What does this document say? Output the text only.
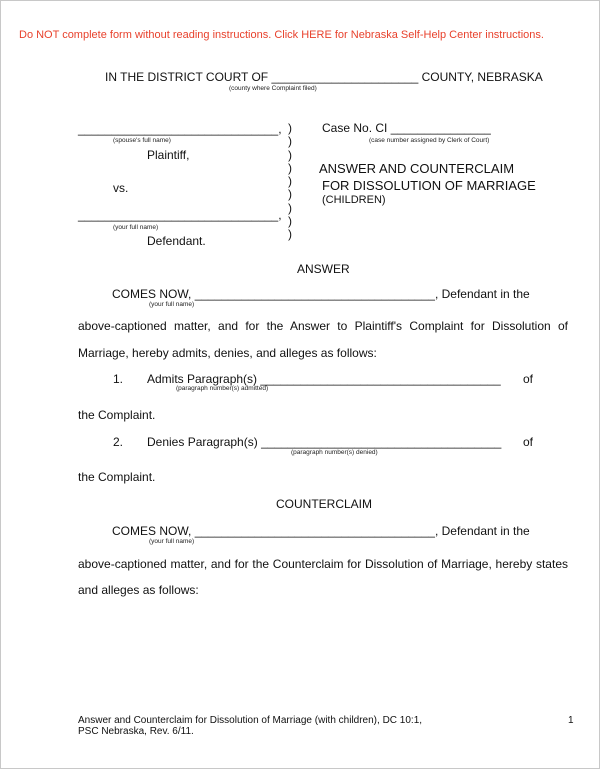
Do NOT complete form without reading instructions. Click HERE for Nebraska Self-Help Center instructions.
IN THE DISTRICT COURT OF ______________________ COUNTY, NEBRASKA
(county where Complaint filed)
______________________________,
(spouse's full name)
Plaintiff,
vs.
______________________________,
(your full name)
Defendant.
)
)
)
)
)
)
)
)
)
Case No. CI _______________
(case number assigned by Clerk of Court)
ANSWER AND COUNTERCLAIM
FOR DISSOLUTION OF MARRIAGE
(CHILDREN)
ANSWER
COMES NOW, ____________________________________, Defendant in the
(your full name)
above-captioned matter, and for the Answer to Plaintiff's Complaint for Dissolution of
Marriage, hereby admits, denies, and alleges as follows:
1. Admits Paragraph(s) ____________________________________ of
(paragraph number(s) admitted)
the Complaint.
2. Denies Paragraph(s) ____________________________________ of
(paragraph number(s) denied)
the Complaint.
COUNTERCLAIM
COMES NOW, ____________________________________, Defendant in the
(your full name)
above-captioned matter, and for the Counterclaim for Dissolution of Marriage, hereby states
and alleges as follows:
Answer and Counterclaim for Dissolution of Marriage (with children), DC 10:1,
PSC Nebraska, Rev. 6/11.
1
